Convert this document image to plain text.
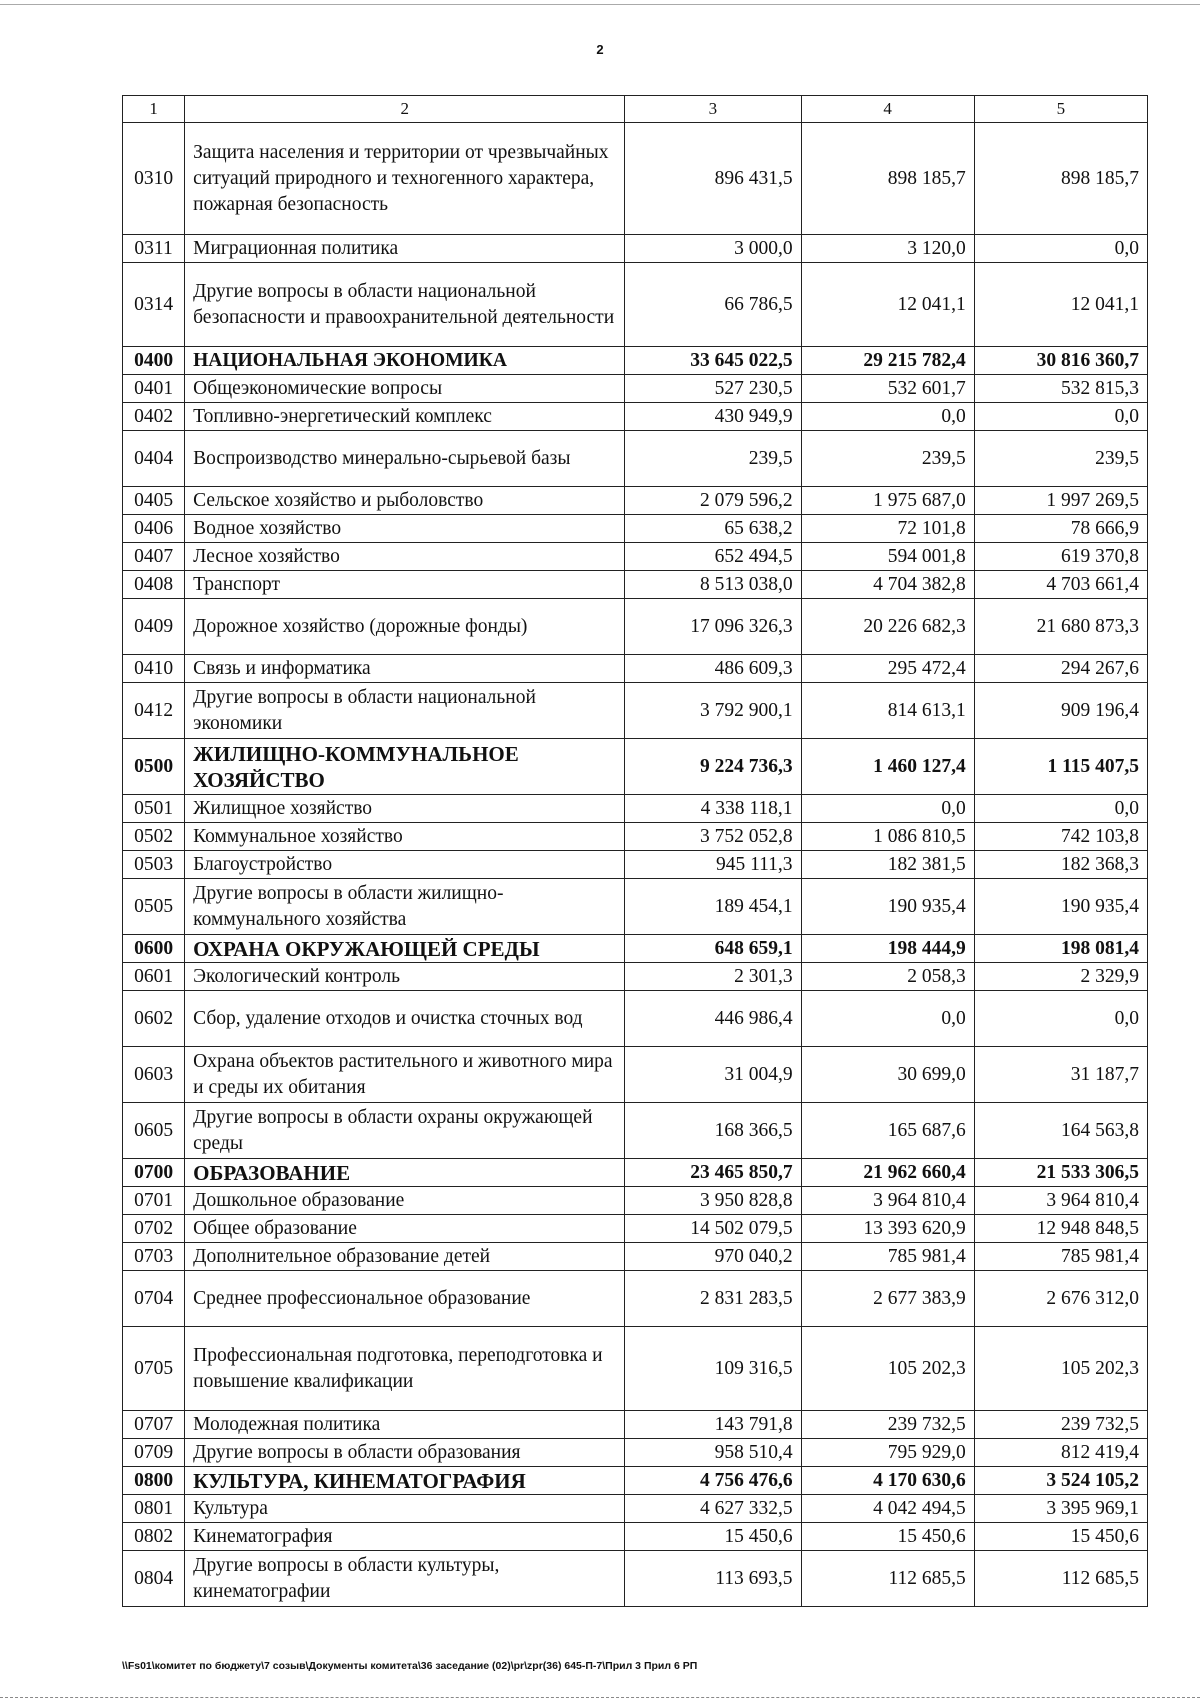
2
1	2	3	4	5
0310	Защита населения и территории от чрезвычайных ситуаций природного и техногенного характера, пожарная безопасность	896 431,5	898 185,7	898 185,7
0311	Миграционная политика	3 000,0	3 120,0	0,0
0314	Другие вопросы в области национальной безопасности и правоохранительной деятельности	66 786,5	12 041,1	12 041,1
0400	НАЦИОНАЛЬНАЯ ЭКОНОМИКА	33 645 022,5	29 215 782,4	30 816 360,7
0401	Общеэкономические вопросы	527 230,5	532 601,7	532 815,3
0402	Топливно-энергетический комплекс	430 949,9	0,0	0,0
0404	Воспроизводство минерально-сырьевой базы	239,5	239,5	239,5
0405	Сельское хозяйство и рыболовство	2 079 596,2	1 975 687,0	1 997 269,5
0406	Водное хозяйство	65 638,2	72 101,8	78 666,9
0407	Лесное хозяйство	652 494,5	594 001,8	619 370,8
0408	Транспорт	8 513 038,0	4 704 382,8	4 703 661,4
0409	Дорожное хозяйство (дорожные фонды)	17 096 326,3	20 226 682,3	21 680 873,3
0410	Связь и информатика	486 609,3	295 472,4	294 267,6
0412	Другие вопросы в области национальной экономики	3 792 900,1	814 613,1	909 196,4
0500	ЖИЛИЩНО-КОММУНАЛЬНОЕ ХОЗЯЙСТВО	9 224 736,3	1 460 127,4	1 115 407,5
0501	Жилищное хозяйство	4 338 118,1	0,0	0,0
0502	Коммунальное хозяйство	3 752 052,8	1 086 810,5	742 103,8
0503	Благоустройство	945 111,3	182 381,5	182 368,3
0505	Другие вопросы в области жилищно-коммунального хозяйства	189 454,1	190 935,4	190 935,4
0600	ОХРАНА ОКРУЖАЮЩЕЙ СРЕДЫ	648 659,1	198 444,9	198 081,4
0601	Экологический контроль	2 301,3	2 058,3	2 329,9
0602	Сбор, удаление отходов и очистка сточных вод	446 986,4	0,0	0,0
0603	Охрана объектов растительного и животного мира и среды их обитания	31 004,9	30 699,0	31 187,7
0605	Другие вопросы в области охраны окружающей среды	168 366,5	165 687,6	164 563,8
0700	ОБРАЗОВАНИЕ	23 465 850,7	21 962 660,4	21 533 306,5
0701	Дошкольное образование	3 950 828,8	3 964 810,4	3 964 810,4
0702	Общее образование	14 502 079,5	13 393 620,9	12 948 848,5
0703	Дополнительное образование детей	970 040,2	785 981,4	785 981,4
0704	Среднее профессиональное образование	2 831 283,5	2 677 383,9	2 676 312,0
0705	Профессиональная подготовка, переподготовка и повышение квалификации	109 316,5	105 202,3	105 202,3
0707	Молодежная политика	143 791,8	239 732,5	239 732,5
0709	Другие вопросы в области образования	958 510,4	795 929,0	812 419,4
0800	КУЛЬТУРА, КИНЕМАТОГРАФИЯ	4 756 476,6	4 170 630,6	3 524 105,2
0801	Культура	4 627 332,5	4 042 494,5	3 395 969,1
0802	Кинематография	15 450,6	15 450,6	15 450,6
0804	Другие вопросы в области культуры, кинематографии	113 693,5	112 685,5	112 685,5
\\Fs01\комитет по бюджету\7 созыв\Документы комитета\36 заседание (02)\pr\zpr(36) 645-П-7\Прил 3 Прил 6 РП
